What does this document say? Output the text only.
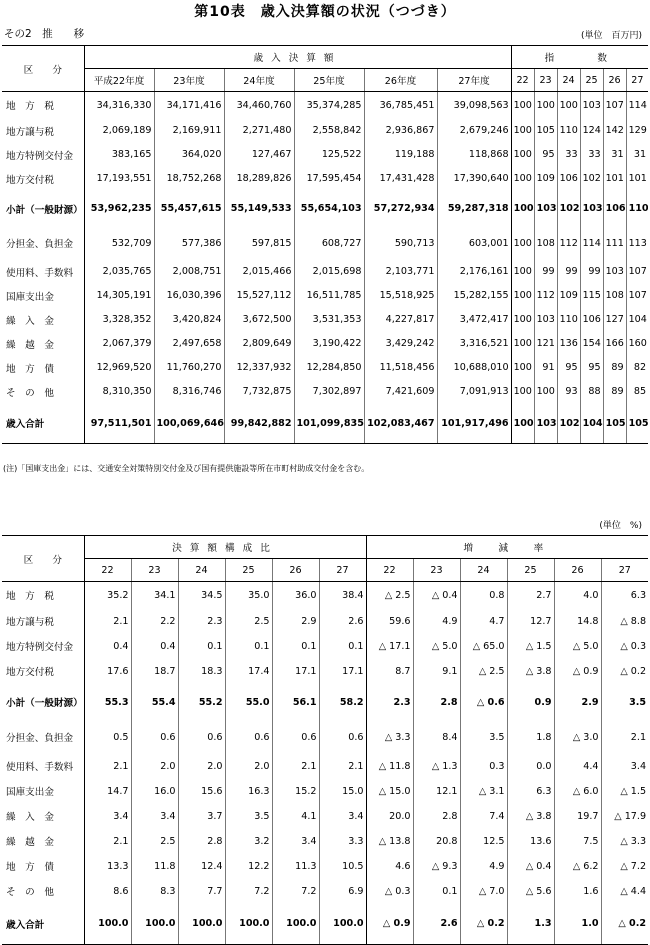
第10表　歳入決算額の状況（つづき）
その2　推　　移	(単位　百万円)
区　　分	歳入決算額						指　　数					
	平成22年度	23年度	24年度	25年度	26年度	27年度	22	23	24	25	26	27
地　方　税	34,316,330	34,171,416	34,460,760	35,374,285	36,785,451	39,098,563	100	100	100	103	107	114
地方譲与税	2,069,189	2,169,911	2,271,480	2,558,842	2,936,867	2,679,246	100	105	110	124	142	129
地方特例交付金	383,165	364,020	127,467	125,522	119,188	118,868	100	95	33	33	31	31
地方交付税	17,193,551	18,752,268	18,289,826	17,595,454	17,431,428	17,390,640	100	109	106	102	101	101
小計（一般財源）	53,962,235	55,457,615	55,149,533	55,654,103	57,272,934	59,287,318	100	103	102	103	106	110
分担金、負担金	532,709	577,386	597,815	608,727	590,713	603,001	100	108	112	114	111	113
使用料、手数料	2,035,765	2,008,751	2,015,466	2,015,698	2,103,771	2,176,161	100	99	99	99	103	107
国庫支出金	14,305,191	16,030,396	15,527,112	16,511,785	15,518,925	15,282,155	100	112	109	115	108	107
繰　入　金	3,328,352	3,420,824	3,672,500	3,531,353	4,227,817	3,472,417	100	103	110	106	127	104
繰　越　金	2,067,379	2,497,658	2,809,649	3,190,422	3,429,242	3,316,521	100	121	136	154	166	160
地　方　債	12,969,520	11,760,270	12,337,932	12,284,850	11,518,456	10,688,010	100	91	95	95	89	82
そ　の　他	8,310,350	8,316,746	7,732,875	7,302,897	7,421,609	7,091,913	100	100	93	88	89	85
歳入合計	97,511,501	100,069,646	99,842,882	101,099,835	102,083,467	101,917,496	100	103	102	104	105	105
(注)「国庫支出金」には、交通安全対策特別交付金及び国有提供施設等所在市町村助成交付金を含む。
(単位　%)
区　　分	決算額構成比						増　減　率					
	22	23	24	25	26	27	22	23	24	25	26	27
地　方　税	35.2	34.1	34.5	35.0	36.0	38.4	△ 2.5	△ 0.4	0.8	2.7	4.0	6.3
地方譲与税	2.1	2.2	2.3	2.5	2.9	2.6	59.6	4.9	4.7	12.7	14.8	△ 8.8
地方特例交付金	0.4	0.4	0.1	0.1	0.1	0.1	△ 17.1	△ 5.0	△ 65.0	△ 1.5	△ 5.0	△ 0.3
地方交付税	17.6	18.7	18.3	17.4	17.1	17.1	8.7	9.1	△ 2.5	△ 3.8	△ 0.9	△ 0.2
小計（一般財源）	55.3	55.4	55.2	55.0	56.1	58.2	2.3	2.8	△ 0.6	0.9	2.9	3.5
分担金、負担金	0.5	0.6	0.6	0.6	0.6	0.6	△ 3.3	8.4	3.5	1.8	△ 3.0	2.1
使用料、手数料	2.1	2.0	2.0	2.0	2.1	2.1	△ 11.8	△ 1.3	0.3	0.0	4.4	3.4
国庫支出金	14.7	16.0	15.6	16.3	15.2	15.0	△ 15.0	12.1	△ 3.1	6.3	△ 6.0	△ 1.5
繰　入　金	3.4	3.4	3.7	3.5	4.1	3.4	20.0	2.8	7.4	△ 3.8	19.7	△ 17.9
繰　越　金	2.1	2.5	2.8	3.2	3.4	3.3	△ 13.8	20.8	12.5	13.6	7.5	△ 3.3
地　方　債	13.3	11.8	12.4	12.2	11.3	10.5	4.6	△ 9.3	4.9	△ 0.4	△ 6.2	△ 7.2
そ　の　他	8.6	8.3	7.7	7.2	7.2	6.9	△ 0.3	0.1	△ 7.0	△ 5.6	1.6	△ 4.4
歳入合計	100.0	100.0	100.0	100.0	100.0	100.0	△ 0.9	2.6	△ 0.2	1.3	1.0	△ 0.2
